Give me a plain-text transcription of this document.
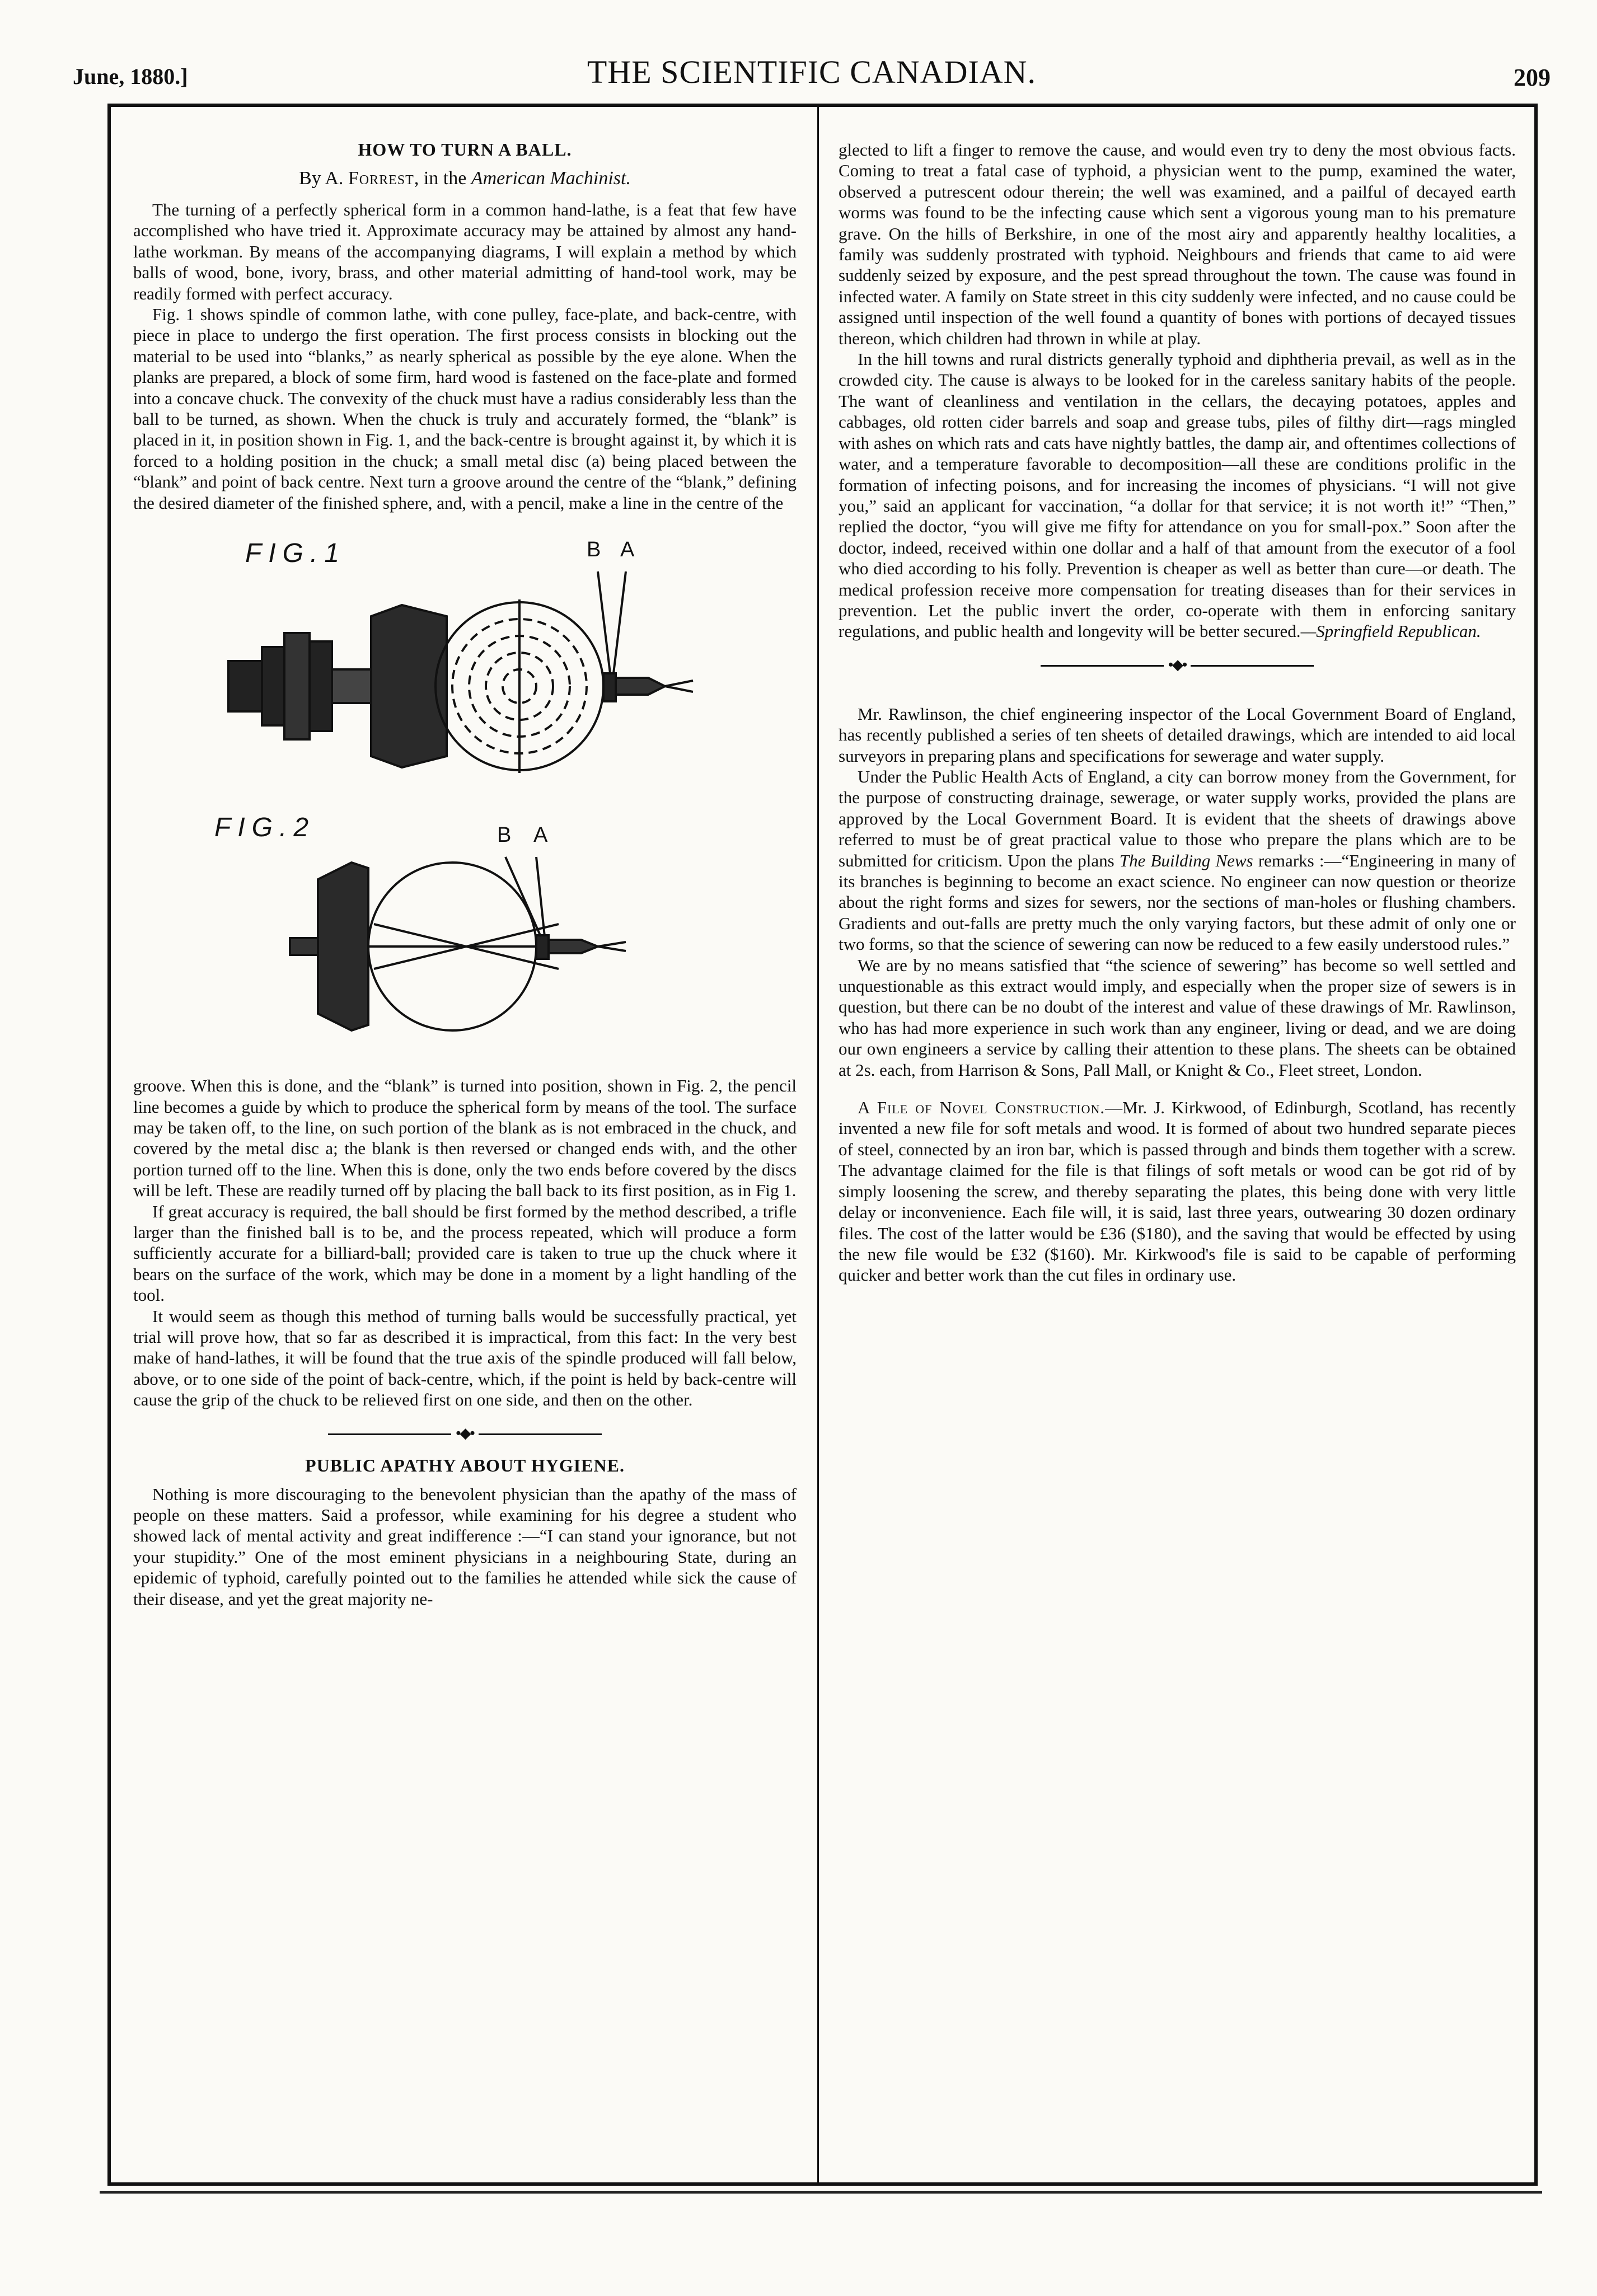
June, 1880.]	THE SCIENTIFIC CANADIAN.	209
HOW TO TURN A BALL.
By A. Forrest, in the American Machinist.

The turning of a perfectly spherical form in a common hand-lathe, is a feat that few have accomplished who have tried it. Approximate accuracy may be attained by almost any hand-lathe workman. By means of the accompanying diagrams, I will explain a method by which balls of wood, bone, ivory, brass, and other material admitting of hand-tool work, may be readily formed with perfect accuracy.

Fig. 1 shows spindle of common lathe, with cone pulley, face-plate, and back-centre, with piece in place to undergo the first operation. The first process consists in blocking out the material to be used into “blanks,” as nearly spherical as possible by the eye alone. When the planks are prepared, a block of some firm, hard wood is fastened on the face-plate and formed into a concave chuck. The convexity of the chuck must have a radius considerably less than the ball to be turned, as shown. When the chuck is truly and accurately formed, the “blank” is placed in it, in position shown in Fig. 1, and the back-centre is brought against it, by which it is forced to a holding position in the chuck; a small metal disc (a) being placed between the “blank” and point of back centre. Next turn a groove around the centre of the “blank,” defining the desired diameter of the finished sphere, and, with a pencil, make a line in the centre of the

FIG.1	B A
FIG.2	B A

groove. When this is done, and the “blank” is turned into position, shown in Fig. 2, the pencil line becomes a guide by which to produce the spherical form by means of the tool. The surface may be taken off, to the line, on such portion of the blank as is not embraced in the chuck, and covered by the metal disc a; the blank is then reversed or changed ends with, and the other portion turned off to the line. When this is done, only the two ends before covered by the discs will be left. These are readily turned off by placing the ball back to its first position, as in Fig 1.

If great accuracy is required, the ball should be first formed by the method described, a trifle larger than the finished ball is to be, and the process repeated, which will produce a form sufficiently accurate for a billiard-ball; provided care is taken to true up the chuck where it bears on the surface of the work, which may be done in a moment by a light handling of the tool.

It would seem as though this method of turning balls would be successfully practical, yet trial will prove how, that so far as described it is impractical, from this fact: In the very best make of hand-lathes, it will be found that the true axis of the spindle produced will fall below, above, or to one side of the point of back-centre, which, if the point is held by back-centre will cause the grip of the chuck to be relieved first on one side, and then on the other.

•◆•
PUBLIC APATHY ABOUT HYGIENE.

Nothing is more discouraging to the benevolent physician than the apathy of the mass of people on these matters. Said a professor, while examining for his degree a student who showed lack of mental activity and great indifference :—“I can stand your ignorance, but not your stupidity.” One of the most eminent physicians in a neighbouring State, during an epidemic of typhoid, carefully pointed out to the families he attended while sick the cause of their disease, and yet the great majority ne-

glected to lift a finger to remove the cause, and would even try to deny the most obvious facts. Coming to treat a fatal case of typhoid, a physician went to the pump, examined the water, observed a putrescent odour therein; the well was examined, and a pailful of decayed earth worms was found to be the infecting cause which sent a vigorous young man to his premature grave. On the hills of Berkshire, in one of the most airy and apparently healthy localities, a family was suddenly prostrated with typhoid. Neighbours and friends that came to aid were suddenly seized by exposure, and the pest spread throughout the town. The cause was found in infected water. A family on State street in this city suddenly were infected, and no cause could be assigned until inspection of the well found a quantity of bones with portions of decayed tissues thereon, which children had thrown in while at play.

In the hill towns and rural districts generally typhoid and diphtheria prevail, as well as in the crowded city. The cause is always to be looked for in the careless sanitary habits of the people. The want of cleanliness and ventilation in the cellars, the decaying potatoes, apples and cabbages, old rotten cider barrels and soap and grease tubs, piles of filthy dirt—rags mingled with ashes on which rats and cats have nightly battles, the damp air, and oftentimes collections of water, and a temperature favorable to decomposition—all these are conditions prolific in the formation of infecting poisons, and for increasing the incomes of physicians. “I will not give you,” said an applicant for vaccination, “a dollar for that service; it is not worth it!” “Then,” replied the doctor, “you will give me fifty for attendance on you for small-pox.” Soon after the doctor, indeed, received within one dollar and a half of that amount from the executor of a fool who died according to his folly. Prevention is cheaper as well as better than cure—or death. The medical profession receive more compensation for treating diseases than for their services in prevention. Let the public invert the order, co-operate with them in enforcing sanitary regulations, and public health and longevity will be better secured.—Springfield Republican.

•◆•

Mr. Rawlinson, the chief engineering inspector of the Local Government Board of England, has recently published a series of ten sheets of detailed drawings, which are intended to aid local surveyors in preparing plans and specifications for sewerage and water supply.

Under the Public Health Acts of England, a city can borrow money from the Government, for the purpose of constructing drainage, sewerage, or water supply works, provided the plans are approved by the Local Government Board. It is evident that the sheets of drawings above referred to must be of great practical value to those who prepare the plans which are to be submitted for criticism. Upon the plans The Building News remarks :—“Engineering in many of its branches is beginning to become an exact science. No engineer can now question or theorize about the right forms and sizes for sewers, nor the sections of man-holes or flushing chambers. Gradients and out-falls are pretty much the only varying factors, but these admit of only one or two forms, so that the science of sewering can now be reduced to a few easily understood rules.”

We are by no means satisfied that “the science of sewering” has become so well settled and unquestionable as this extract would imply, and especially when the proper size of sewers is in question, but there can be no doubt of the interest and value of these drawings of Mr. Rawlinson, who has had more experience in such work than any engineer, living or dead, and we are doing our own engineers a service by calling their attention to these plans. The sheets can be obtained at 2s. each, from Harrison & Sons, Pall Mall, or Knight & Co., Fleet street, London.

A File of Novel Construction.—Mr. J. Kirkwood, of Edinburgh, Scotland, has recently invented a new file for soft metals and wood. It is formed of about two hundred separate pieces of steel, connected by an iron bar, which is passed through and binds them together with a screw. The advantage claimed for the file is that filings of soft metals or wood can be got rid of by simply loosening the screw, and thereby separating the plates, this being done with very little delay or inconvenience. Each file will, it is said, last three years, outwearing 30 dozen ordinary files. The cost of the latter would be £36 ($180), and the saving that would be effected by using the new file would be £32 ($160). Mr. Kirkwood's file is said to be capable of performing quicker and better work than the cut files in ordinary use.
